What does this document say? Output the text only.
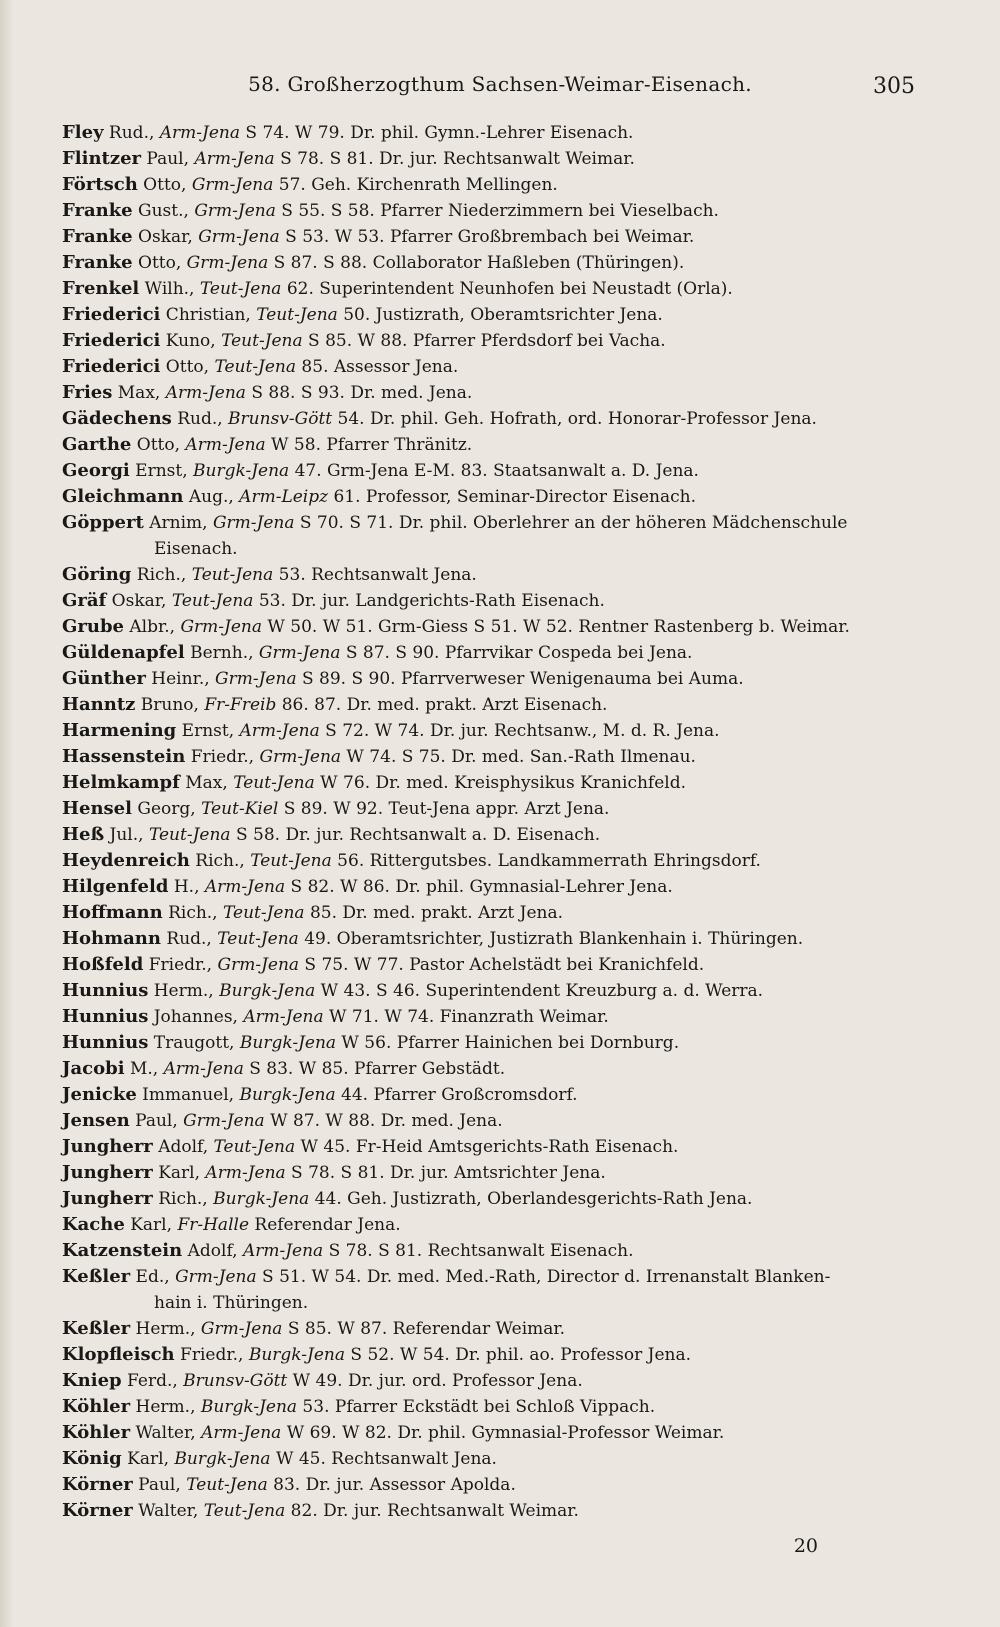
58. Großherzogthum Sachsen-Weimar-Eisenach.	305
Fley Rud., Arm-Jena S 74. W 79. Dr. phil. Gymn.-Lehrer Eisenach.
Flintzer Paul, Arm-Jena S 78. S 81. Dr. jur. Rechtsanwalt Weimar.
Förtsch Otto, Grm-Jena 57. Geh. Kirchenrath Mellingen.
Franke Gust., Grm-Jena S 55. S 58. Pfarrer Niederzimmern bei Vieselbach.
Franke Oskar, Grm-Jena S 53. W 53. Pfarrer Großbrembach bei Weimar.
Franke Otto, Grm-Jena S 87. S 88. Collaborator Haßleben (Thüringen).
Frenkel Wilh., Teut-Jena 62. Superintendent Neunhofen bei Neustadt (Orla).
Friederici Christian, Teut-Jena 50. Justizrath, Oberamtsrichter Jena.
Friederici Kuno, Teut-Jena S 85. W 88. Pfarrer Pferdsdorf bei Vacha.
Friederici Otto, Teut-Jena 85. Assessor Jena.
Fries Max, Arm-Jena S 88. S 93. Dr. med. Jena.
Gädechens Rud., Brunsv-Gött 54. Dr. phil. Geh. Hofrath, ord. Honorar-Professor Jena.
Garthe Otto, Arm-Jena W 58. Pfarrer Thränitz.
Georgi Ernst, Burgk-Jena 47. Grm-Jena E-M. 83. Staatsanwalt a. D. Jena.
Gleichmann Aug., Arm-Leipz 61. Professor, Seminar-Director Eisenach.
Göppert Arnim, Grm-Jena S 70. S 71. Dr. phil. Oberlehrer an der höheren Mädchenschule
Eisenach.
Göring Rich., Teut-Jena 53. Rechtsanwalt Jena.
Gräf Oskar, Teut-Jena 53. Dr. jur. Landgerichts-Rath Eisenach.
Grube Albr., Grm-Jena W 50. W 51. Grm-Giess S 51. W 52. Rentner Rastenberg b. Weimar.
Güldenapfel Bernh., Grm-Jena S 87. S 90. Pfarrvikar Cospeda bei Jena.
Günther Heinr., Grm-Jena S 89. S 90. Pfarrverweser Wenigenauma bei Auma.
Hanntz Bruno, Fr-Freib 86. 87. Dr. med. prakt. Arzt Eisenach.
Harmening Ernst, Arm-Jena S 72. W 74. Dr. jur. Rechtsanw., M. d. R. Jena.
Hassenstein Friedr., Grm-Jena W 74. S 75. Dr. med. San.-Rath Ilmenau.
Helmkampf Max, Teut-Jena W 76. Dr. med. Kreisphysikus Kranichfeld.
Hensel Georg, Teut-Kiel S 89. W 92. Teut-Jena appr. Arzt Jena.
Heß Jul., Teut-Jena S 58. Dr. jur. Rechtsanwalt a. D. Eisenach.
Heydenreich Rich., Teut-Jena 56. Rittergutsbes. Landkammerrath Ehringsdorf.
Hilgenfeld H., Arm-Jena S 82. W 86. Dr. phil. Gymnasial-Lehrer Jena.
Hoffmann Rich., Teut-Jena 85. Dr. med. prakt. Arzt Jena.
Hohmann Rud., Teut-Jena 49. Oberamtsrichter, Justizrath Blankenhain i. Thüringen.
Hoßfeld Friedr., Grm-Jena S 75. W 77. Pastor Achelstädt bei Kranichfeld.
Hunnius Herm., Burgk-Jena W 43. S 46. Superintendent Kreuzburg a. d. Werra.
Hunnius Johannes, Arm-Jena W 71. W 74. Finanzrath Weimar.
Hunnius Traugott, Burgk-Jena W 56. Pfarrer Hainichen bei Dornburg.
Jacobi M., Arm-Jena S 83. W 85. Pfarrer Gebstädt.
Jenicke Immanuel, Burgk-Jena 44. Pfarrer Großcromsdorf.
Jensen Paul, Grm-Jena W 87. W 88. Dr. med. Jena.
Jungherr Adolf, Teut-Jena W 45. Fr-Heid Amtsgerichts-Rath Eisenach.
Jungherr Karl, Arm-Jena S 78. S 81. Dr. jur. Amtsrichter Jena.
Jungherr Rich., Burgk-Jena 44. Geh. Justizrath, Oberlandesgerichts-Rath Jena.
Kache Karl, Fr-Halle Referendar Jena.
Katzenstein Adolf, Arm-Jena S 78. S 81. Rechtsanwalt Eisenach.
Keßler Ed., Grm-Jena S 51. W 54. Dr. med. Med.-Rath, Director d. Irrenanstalt Blanken-
hain i. Thüringen.
Keßler Herm., Grm-Jena S 85. W 87. Referendar Weimar.
Klopfleisch Friedr., Burgk-Jena S 52. W 54. Dr. phil. ao. Professor Jena.
Kniep Ferd., Brunsv-Gött W 49. Dr. jur. ord. Professor Jena.
Köhler Herm., Burgk-Jena 53. Pfarrer Eckstädt bei Schloß Vippach.
Köhler Walter, Arm-Jena W 69. W 82. Dr. phil. Gymnasial-Professor Weimar.
König Karl, Burgk-Jena W 45. Rechtsanwalt Jena.
Körner Paul, Teut-Jena 83. Dr. jur. Assessor Apolda.
Körner Walter, Teut-Jena 82. Dr. jur. Rechtsanwalt Weimar.
20
